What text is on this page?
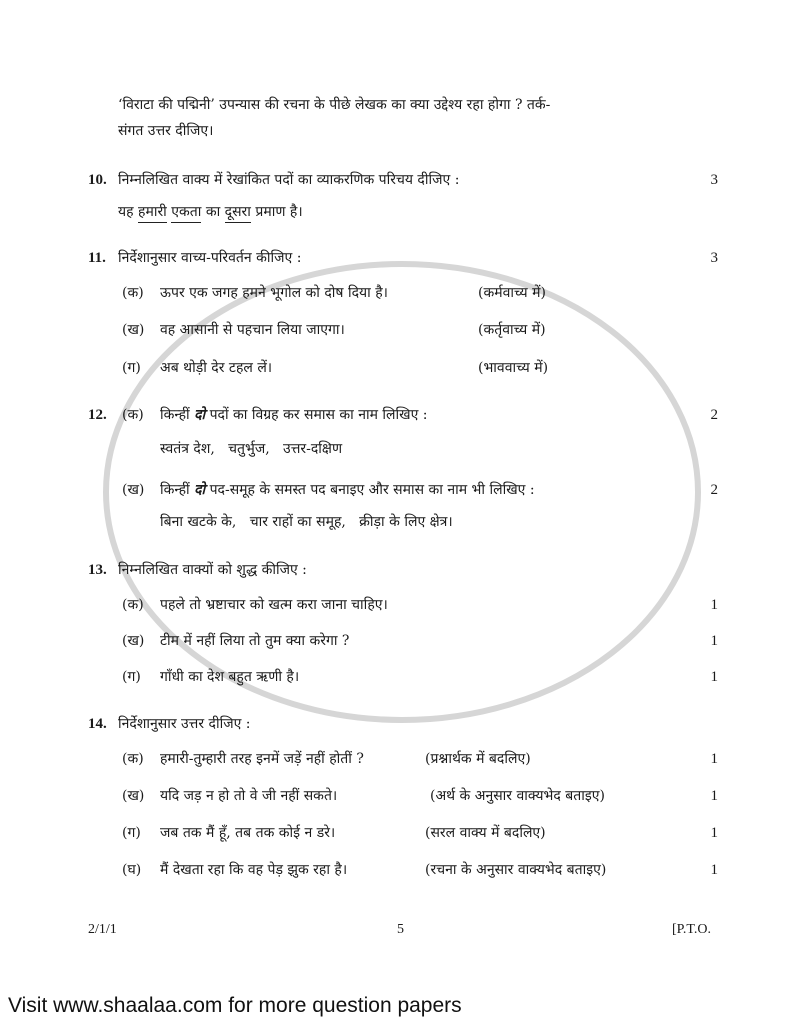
‘विराटा की पद्मिनी’ उपन्यास की रचना के पीछे लेखक का क्या उद्देश्य रहा होगा ? तर्क-
संगत उत्तर दीजिए।
10. निम्नलिखित वाक्य में रेखांकित पदों का व्याकरणिक परिचय दीजिए :	3
यह हमारी एकता का दूसरा प्रमाण है।
11. निर्देशानुसार वाच्य-परिवर्तन कीजिए :	3
(क)	ऊपर एक जगह हमने भूगोल को दोष दिया है।	(कर्मवाच्य में)
(ख)	वह आसानी से पहचान लिया जाएगा।	(कर्तृवाच्य में)
(ग)	अब थोड़ी देर टहल लें।	(भाववाच्य में)
12.	(क)	किन्हीं दो पदों का विग्रह कर समास का नाम लिखिए :	2
स्वतंत्र देश,   चतुर्भुज,   उत्तर-दक्षिण
(ख)	किन्हीं दो पद-समूह के समस्त पद बनाइए और समास का नाम भी लिखिए :	2
बिना खटके के,   चार राहों का समूह,   क्रीड़ा के लिए क्षेत्र।
13. निम्नलिखित वाक्यों को शुद्ध कीजिए :
(क)	पहले तो भ्रष्टाचार को खत्म करा जाना चाहिए।	1
(ख)	टीम में नहीं लिया तो तुम क्या करेगा ?	1
(ग)	गाँधी का देश बहुत ऋणी है।	1
14. निर्देशानुसार उत्तर दीजिए :
(क)	हमारी-तुम्हारी तरह इनमें जड़ें नहीं होतीं ?	(प्रश्नार्थक में बदलिए)	1
(ख)	यदि जड़ न हो तो वे जी नहीं सकते।	(अर्थ के अनुसार वाक्यभेद बताइए)	1
(ग)	जब तक मैं हूँ, तब तक कोई न डरे।	(सरल वाक्य में बदलिए)	1
(घ)	मैं देखता रहा कि वह पेड़ झुक रहा है।	(रचना के अनुसार वाक्यभेद बताइए)	1
2/1/1	5	[P.T.O.
Visit www.shaalaa.com for more question papers
